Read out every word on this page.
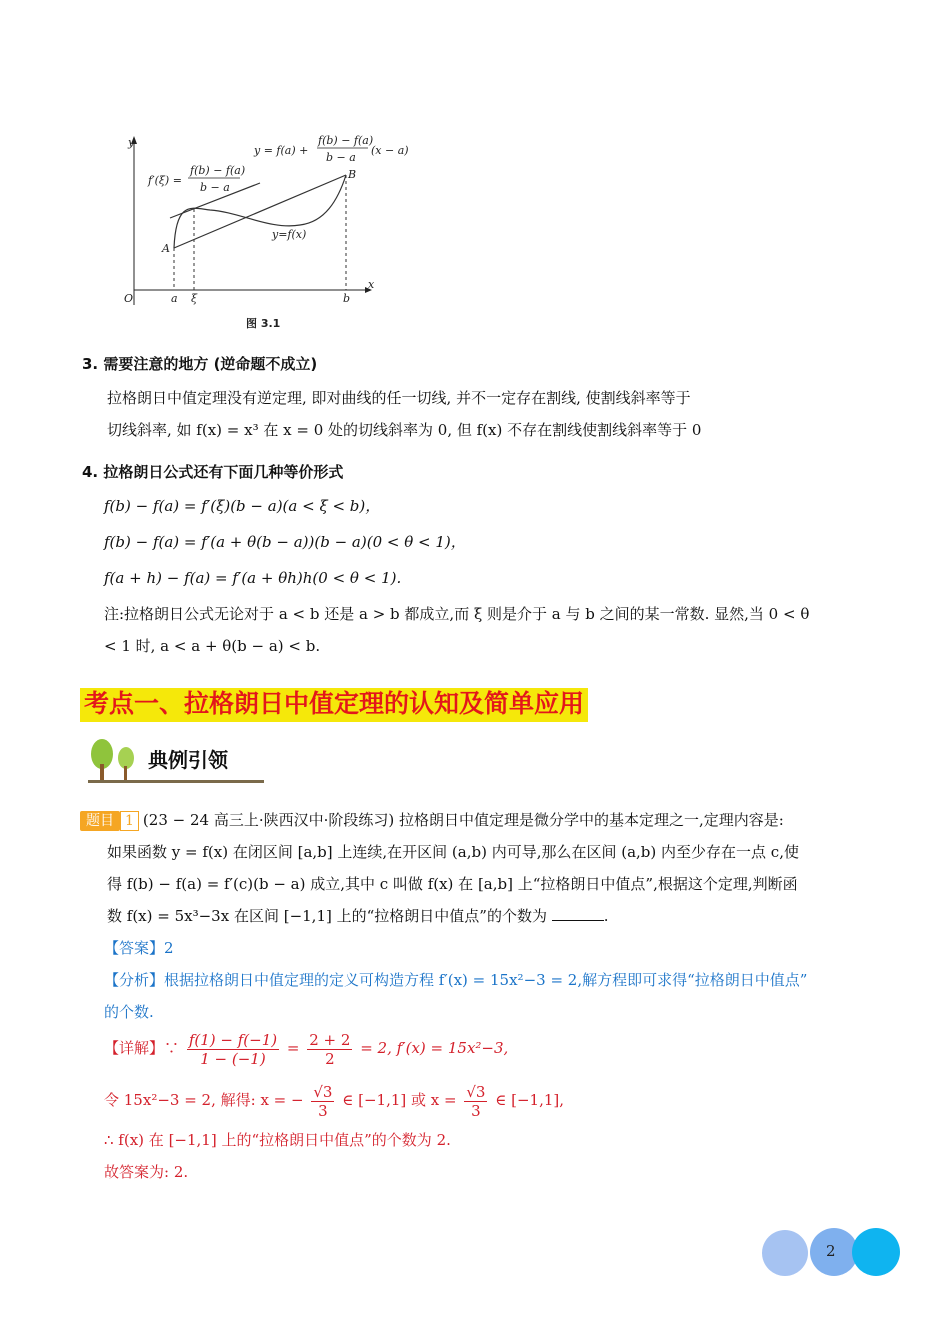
y
x
O	a ξ	b
A
B
y=f(x)
y = f(a) +
f(b) − f(a)
b − a
(x − a)
f′(ξ) =
f(b) − f(a)
b − a
图 3.1
3. 需要注意的地方 (逆命题不成立)
拉格朗日中值定理没有逆定理, 即对曲线的任一切线, 并不一定存在割线, 使割线斜率等于
切线斜率, 如 f(x) = x³ 在 x = 0 处的切线斜率为 0, 但 f(x) 不存在割线使割线斜率等于 0
4. 拉格朗日公式还有下面几种等价形式
f(b) − f(a) = f′(ξ)(b − a)(a < ξ < b)，
f(b) − f(a) = f′(a + θ(b − a))(b − a)(0 < θ < 1)，
f(a + h) − f(a) = f′(a + θh)h(0 < θ < 1).
注:拉格朗日公式无论对于 a < b 还是 a > b 都成立,而 ξ 则是介于 a 与 b 之间的某一常数. 显然,当 0 < θ
< 1 时, a < a + θ(b − a) < b.
考点一、拉格朗日中值定理的认知及简单应用
典例引领
题目 1 (23 − 24 高三上·陕西汉中·阶段练习) 拉格朗日中值定理是微分学中的基本定理之一,定理内容是:
如果函数 y = f(x) 在闭区间 [a,b] 上连续,在开区间 (a,b) 内可导,那么在区间 (a,b) 内至少存在一点 c,使
得 f(b) − f(a) = f′(c)(b − a) 成立,其中 c 叫做 f(x) 在 [a,b] 上“拉格朗日中值点”,根据这个定理,判断函
数 f(x) = 5x³−3x 在区间 [−1,1] 上的“拉格朗日中值点”的个数为	.
【答案】2
【分析】根据拉格朗日中值定理的定义可构造方程 f′(x) = 15x²−3 = 2,解方程即可求得“拉格朗日中值点”
的个数.
【详解】∵ $\frac{f(1) - f(-1)}{1 - (-1)} = \frac{2 + 2}{2} = 2$, f′(x) = 15x²−3,
令 15x²−3 = 2, 解得: x = − $\frac{√3}{3}$ ∈ [−1,1] 或 $x = \frac{√3}{3}$ ∈ [−1,1],
∴ f(x) 在 [−1,1] 上的“拉格朗日中值点”的个数为 2.
故答案为: 2.
2
